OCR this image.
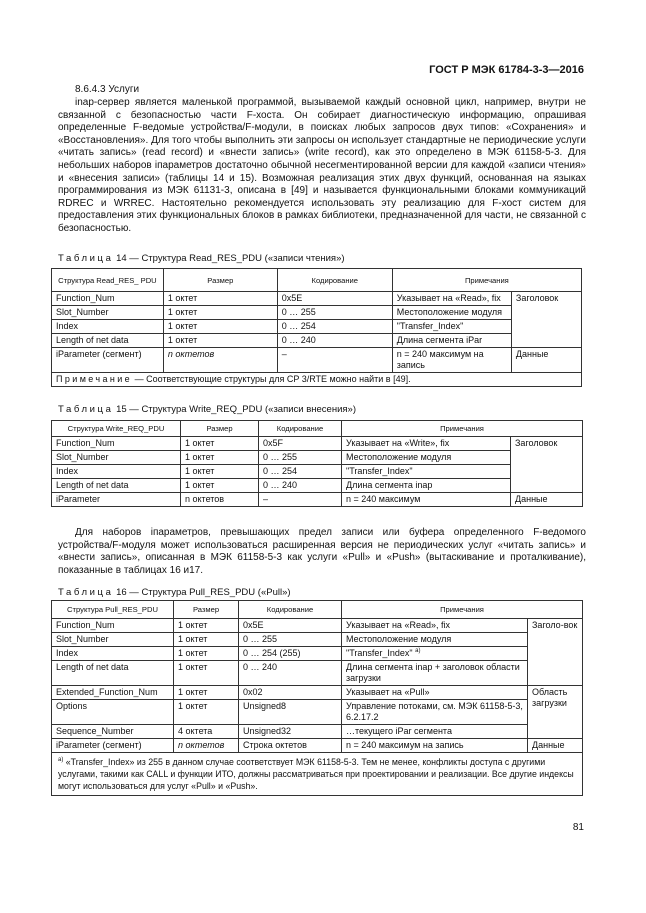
ГОСТ Р МЭК 61784-3-3—2016
8.6.4.3 Услуги

inap-сервер является маленькой программой, вызываемой каждый основной цикл, например, внутри не связанной с безопасностью части F-хоста. Он собирает диагностическую информацию, опрашивая определенные F-ведомые устройства/F-модули, в поисках любых запросов двух типов: «Сохранения» и «Восстановления». Для того чтобы выполнить эти запросы он использует стандартные не периодические услуги «читать запись» (read record) и «внести запись» (write record), как это определено в МЭК 61158-5-3. Для небольших наборов iпараметров достаточно обычной несегментированной версии для каждой «записи чтения» и «внесения записи» (таблицы 14 и 15). Возможная реализация этих двух функций, основанная на языках программирования из МЭК 61131-3, описана в [49] и называется функциональными блоками коммуникаций RDREC и WRREC. Настоятельно рекомендуется использовать эту реализацию для F-хост систем для предоставления этих функциональных блоков в рамках библиотеки, предназначенной для части, не связанной с безопасностью.

Таблица 14 — Структура Read_RES_PDU («записи чтения»)
Структура Read_RES_ PDU	Размер	Кодирование	Примечания	
Function_Num	1 октет	0x5E	Указывает на «Read», fix	Заголовок
Slot_Number	1 октет	0 … 255	Местоположение модуля	
Index	1 октет	0 … 254	"Transfer_Index"	
Length of net data	1 октет	0 … 240	Длина сегмента iPar	
iParameter (сегмент)	n октетов	–	n = 240 максимум на запись	Данные
Примечание — Соответствующие структуры для CP 3/RTE можно найти в [49].				
Таблица 15 — Структура Write_REQ_PDU («записи внесения»)
Структура Write_REQ_PDU	Размер	Кодирование	Примечания	
Function_Num	1 октет	0x5F	Указывает на «Write», fix	Заголовок
Slot_Number	1 октет	0 … 255	Местоположение модуля	
Index	1 октет	0 … 254	"Transfer_Index"	
Length of net data	1 октет	0 … 240	Длина сегмента inap	
iParameter	n октетов	–	n = 240 максимум	Данные

Для наборов iпараметров, превышающих предел записи или буфера определенного F-ведомого устройства/F-модуля может использоваться расширенная версия не периодических услуг «читать запись» и «внести запись», описанная в МЭК 61158-5-3 как услуги «Pull» и «Push» (вытаскивание и проталкивание), показанные в таблицах 16 и17.

Таблица 16 — Структура Pull_RES_PDU («Pull»)
Структура Pull_RES_PDU	Размер	Кодирование	Примечания	
Function_Num	1 октет	0x5E	Указывает на «Read», fix	Заголо-вок
Slot_Number	1 октет	0 … 255	Местоположение модуля	
Index	1 октет	0 … 254 (255)	"Transfer_Index" $^{a)}$
Length of net data	1 октет	0 … 240	Длина сегмента inap + заголовок области загрузки	
Extended_Function_Num	1 октет	0x02	Указывает на «Pull»	Область загрузки
Options	1 октет	Unsigned8	Управление потоками, см. МЭК 61158-5-3, 6.2.17.2	
Sequence_Number	4 октета	Unsigned32	…текущего iPar сегмента	
iParameter (сегмент)	n октетов	Строка октетов	n = 240 максимум на запись	Данные
$^{a)}$ «Transfer_Index» из 255 в данном случае соответствует МЭК 61158-5-3. Тем не менее, конфликты доступа с другими услугами, такими как CALL и функции ИТО, должны рассматриваться при проектировании и реализации. Все другие индексы могут использоваться для услуг «Pull» и «Push».				
81
